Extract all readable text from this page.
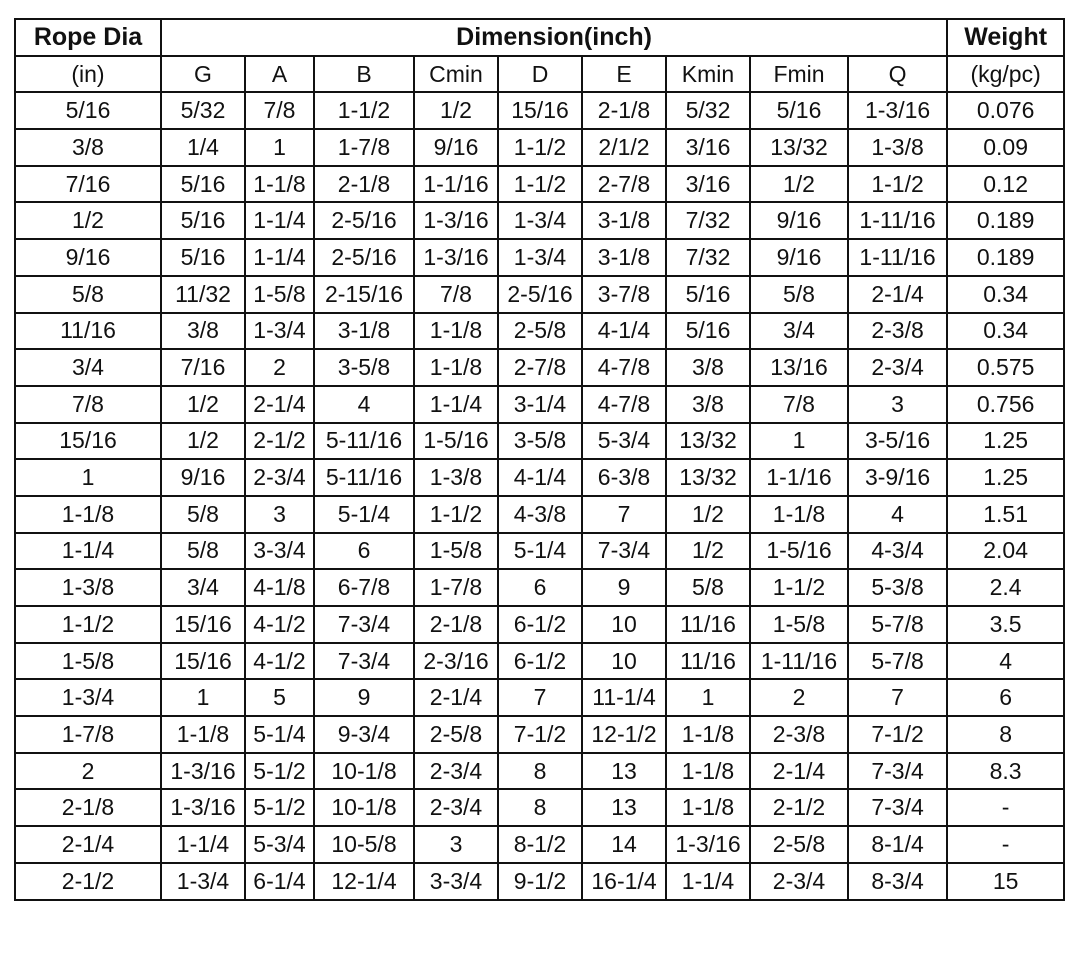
Rope Dia	Dimension(inch)									Weight
(in)	G	A	B	Cmin	D	E	Kmin	Fmin	Q	(kg/pc)
5/16	5/32	7/8	1-1/2	1/2	15/16	2-1/8	5/32	5/16	1-3/16	0.076
3/8	1/4	1	1-7/8	9/16	1-1/2	2/1/2	3/16	13/32	1-3/8	0.09
7/16	5/16	1-1/8	2-1/8	1-1/16	1-1/2	2-7/8	3/16	1/2	1-1/2	0.12
1/2	5/16	1-1/4	2-5/16	1-3/16	1-3/4	3-1/8	7/32	9/16	1-11/16	0.189
9/16	5/16	1-1/4	2-5/16	1-3/16	1-3/4	3-1/8	7/32	9/16	1-11/16	0.189
5/8	11/32	1-5/8	2-15/16	7/8	2-5/16	3-7/8	5/16	5/8	2-1/4	0.34
11/16	3/8	1-3/4	3-1/8	1-1/8	2-5/8	4-1/4	5/16	3/4	2-3/8	0.34
3/4	7/16	2	3-5/8	1-1/8	2-7/8	4-7/8	3/8	13/16	2-3/4	0.575
7/8	1/2	2-1/4	4	1-1/4	3-1/4	4-7/8	3/8	7/8	3	0.756
15/16	1/2	2-1/2	5-11/16	1-5/16	3-5/8	5-3/4	13/32	1	3-5/16	1.25
1	9/16	2-3/4	5-11/16	1-3/8	4-1/4	6-3/8	13/32	1-1/16	3-9/16	1.25
1-1/8	5/8	3	5-1/4	1-1/2	4-3/8	7	1/2	1-1/8	4	1.51
1-1/4	5/8	3-3/4	6	1-5/8	5-1/4	7-3/4	1/2	1-5/16	4-3/4	2.04
1-3/8	3/4	4-1/8	6-7/8	1-7/8	6	9	5/8	1-1/2	5-3/8	2.4
1-1/2	15/16	4-1/2	7-3/4	2-1/8	6-1/2	10	11/16	1-5/8	5-7/8	3.5
1-5/8	15/16	4-1/2	7-3/4	2-3/16	6-1/2	10	11/16	1-11/16	5-7/8	4
1-3/4	1	5	9	2-1/4	7	11-1/4	1	2	7	6
1-7/8	1-1/8	5-1/4	9-3/4	2-5/8	7-1/2	12-1/2	1-1/8	2-3/8	7-1/2	8
2	1-3/16	5-1/2	10-1/8	2-3/4	8	13	1-1/8	2-1/4	7-3/4	8.3
2-1/8	1-3/16	5-1/2	10-1/8	2-3/4	8	13	1-1/8	2-1/2	7-3/4	-
2-1/4	1-1/4	5-3/4	10-5/8	3	8-1/2	14	1-3/16	2-5/8	8-1/4	-
2-1/2	1-3/4	6-1/4	12-1/4	3-3/4	9-1/2	16-1/4	1-1/4	2-3/4	8-3/4	15
